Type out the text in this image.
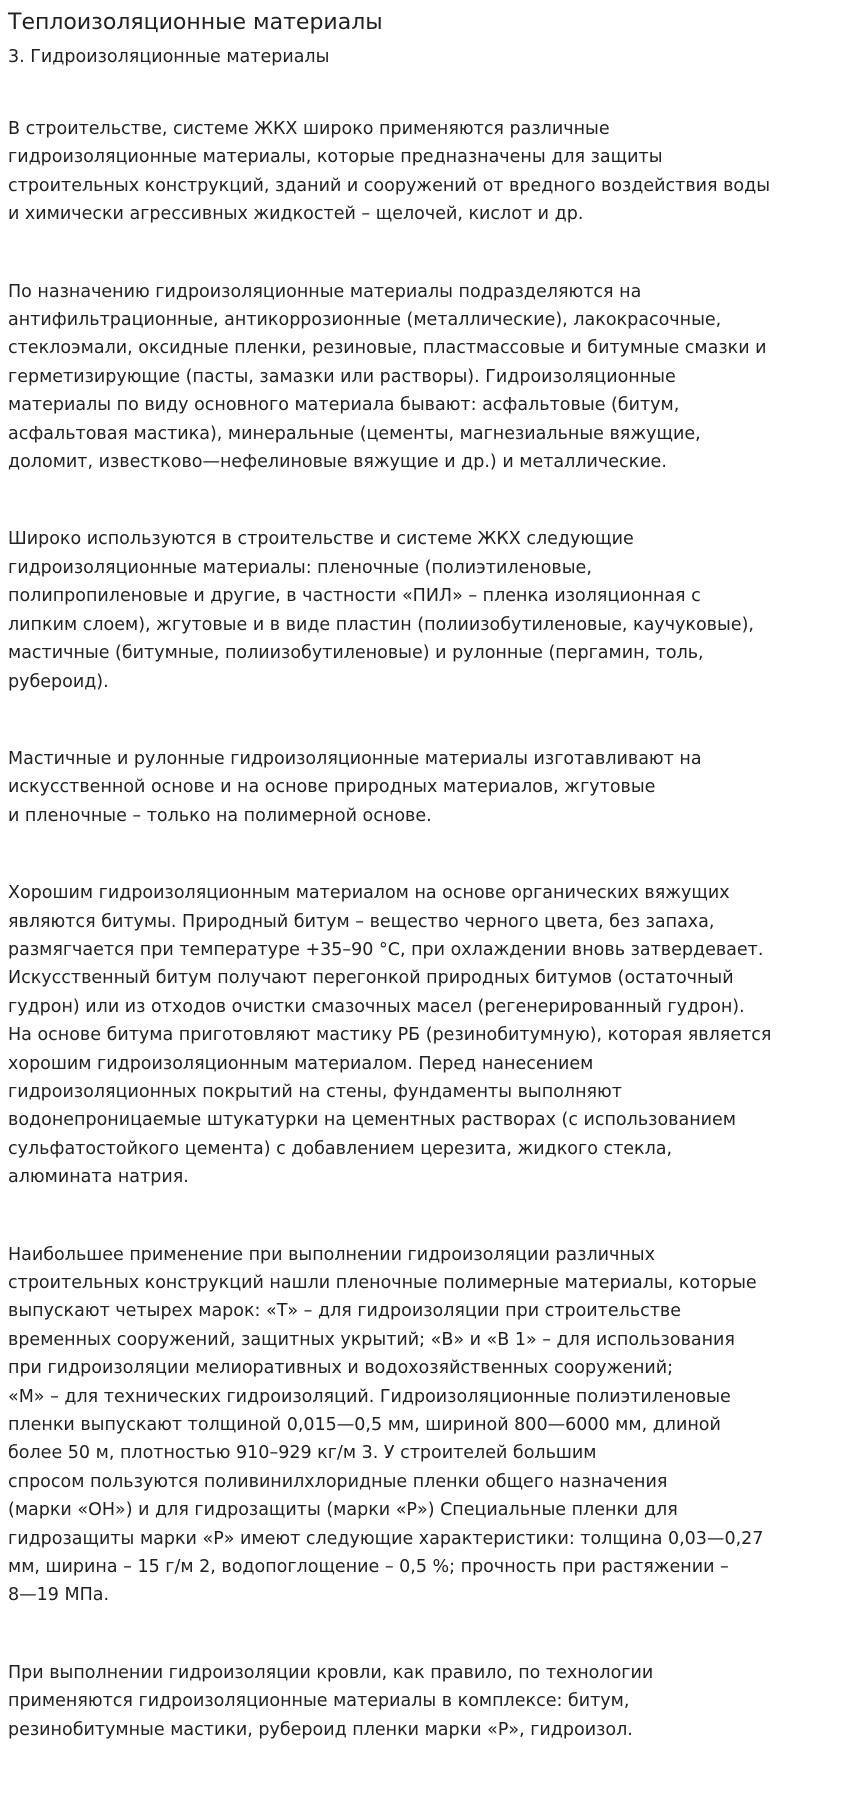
Теплоизоляционные материалы
3. Гидроизоляционные материалы

В строительстве, системе ЖКХ широко применяются различные
гидроизоляционные материалы, которые предназначены для защиты
строительных конструкций, зданий и сооружений от вредного воздействия воды
и химически агрессивных жидкостей – щелочей, кислот и др.

По назначению гидроизоляционные материалы подразделяются на
антифильтрационные, антикоррозионные (металлические), лакокрасочные,
стеклоэмали, оксидные пленки, резиновые, пластмассовые и битумные смазки и
герметизирующие (пасты, замазки или растворы). Гидроизоляционные
материалы по виду основного материала бывают: асфальтовые (битум,
асфальтовая мастика), минеральные (цементы, магнезиальные вяжущие,
доломит, известково—нефелиновые вяжущие и др.) и металлические.

Широко используются в строительстве и системе ЖКХ следующие
гидроизоляционные материалы: пленочные (полиэтиленовые,
полипропиленовые и другие, в частности «ПИЛ» – пленка изоляционная с
липким слоем), жгутовые и в виде пластин (полиизобутиленовые, каучуковые),
мастичные (битумные, полиизобутиленовые) и рулонные (пергамин, толь,
рубероид).

Мастичные и рулонные гидроизоляционные материалы изготавливают на
искусственной основе и на основе природных материалов, жгутовые
и пленочные – только на полимерной основе.

Хорошим гидроизоляционным материалом на основе органических вяжущих
являются битумы. Природный битум – вещество черного цвета, без запаха,
размягчается при температуре +35–90 °С, при охлаждении вновь затвердевает.
Искусственный битум получают перегонкой природных битумов (остаточный
гудрон) или из отходов очистки смазочных масел (регенерированный гудрон).
На основе битума приготовляют мастику РБ (резинобитумную), которая является
хорошим гидроизоляционным материалом. Перед нанесением
гидроизоляционных покрытий на стены, фундаменты выполняют
водонепроницаемые штукатурки на цементных растворах (с использованием
сульфатостойкого цемента) с добавлением церезита, жидкого стекла,
алюмината натрия.

Наибольшее применение при выполнении гидроизоляции различных
строительных конструкций нашли пленочные полимерные материалы, которые
выпускают четырех марок: «Т» – для гидроизоляции при строительстве
временных сооружений, защитных укрытий; «В» и «В 1» – для использования
при гидроизоляции мелиоративных и водохозяйственных сооружений;
«М» – для технических гидроизоляций. Гидроизоляционные полиэтиленовые
пленки выпускают толщиной 0,015—0,5 мм, шириной 800—6000 мм, длиной
более 50 м, плотностью 910–929 кг/м 3. У строителей большим
спросом пользуются поливинилхлоридные пленки общего назначения
(марки «ОН») и для гидрозащиты (марки «Р») Специальные пленки для
гидрозащиты марки «Р» имеют следующие характеристики: толщина 0,03—0,27
мм, ширина – 15 г/м 2, водопоглощение – 0,5 %; прочность при растяжении –
8—19 МПа.

При выполнении гидроизоляции кровли, как правило, по технологии
применяются гидроизоляционные материалы в комплексе: битум,
резинобитумные мастики, рубероид пленки марки «Р», гидроизол.
